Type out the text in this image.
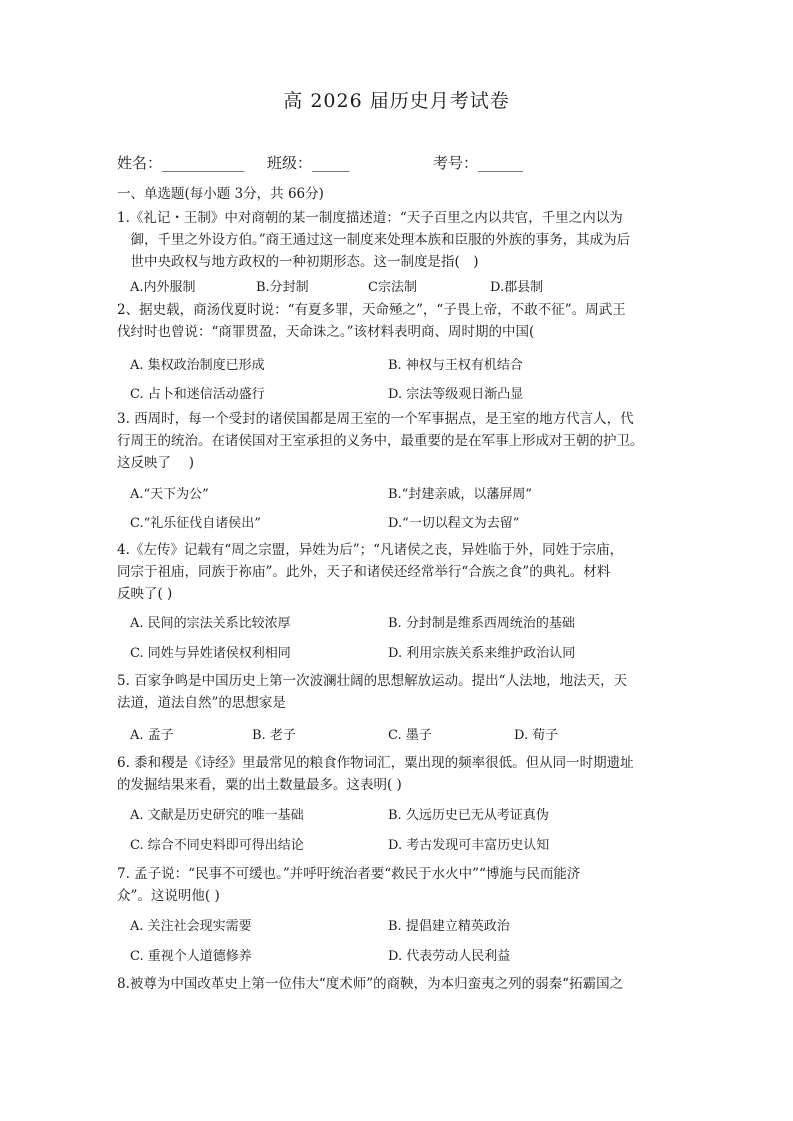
高 2026 届历史月考试卷
姓名：___________ 班级：_____	考号：______
一、单选题(每小题 3分，共 66分)
1.《礼记・王制》中对商朝的某一制度描述道：“天子百里之内以共官，千里之内以为
　御，千里之外设方伯。”商王通过这一制度来处理本族和臣服的外族的事务，其成为后
　世中央政权与地方政权的一种初期形态。这一制度是指(　)
A.内外服制	B.分封制	C宗法制	D.郡县制
2、据史载，商汤伐夏时说：“有夏多罪，天命殛之”，“子畏上帝，不敢不征”。周武王
伐纣时也曾说：“商罪贯盈，天命诛之。”该材料表明商、周时期的中国(
A. 集权政治制度已形成	B. 神权与王权有机结合
C. 占卜和迷信活动盛行	D. 宗法等级观日渐凸显
3. 西周时，每一个受封的诸侯国都是周王室的一个军事据点，是王室的地方代言人，代
行周王的统治。在诸侯国对王室承担的义务中，最重要的是在军事上形成对王朝的护卫。
这反映了　 )
A.“天下为公”	B.“封建亲戚，以藩屏周”
C.“礼乐征伐自诸侯出”	D.“一切以程文为去留”
4.《左传》记载有“周之宗盟，异姓为后”；“凡诸侯之丧，异姓临于外，同姓于宗庙，
同宗于祖庙，同族于祢庙”。此外，天子和诸侯还经常举行“合族之食”的典礼。材料
反映了( )
A. 民间的宗法关系比较浓厚	B. 分封制是维系西周统治的基础
C. 同姓与异姓诸侯权利相同	D. 利用宗族关系来维护政治认同
5. 百家争鸣是中国历史上第一次波澜壮阔的思想解放运动。提出“人法地，地法天，天
法道，道法自然”的思想家是
A. 孟子	B. 老子	C. 墨子	D. 荀子
6. 黍和稷是《诗经》里最常见的粮食作物词汇，粟出现的频率很低。但从同一时期遗址
的发掘结果来看，粟的出土数量最多。这表明( )
A. 文献是历史研究的唯一基础	B. 久远历史已无从考证真伪
C. 综合不同史料即可得出结论	D. 考古发现可丰富历史认知
7. 孟子说：“民事不可缓也。”并呼吁统治者要“救民于水火中”“博施与民而能济
众”。这说明他( )
A. 关注社会现实需要	B. 提倡建立精英政治
C. 重视个人道德修养	D. 代表劳动人民利益
8.被尊为中国改革史上第一位伟大“度术师”的商鞅，为本归蛮夷之列的弱秦“拓霸国之
